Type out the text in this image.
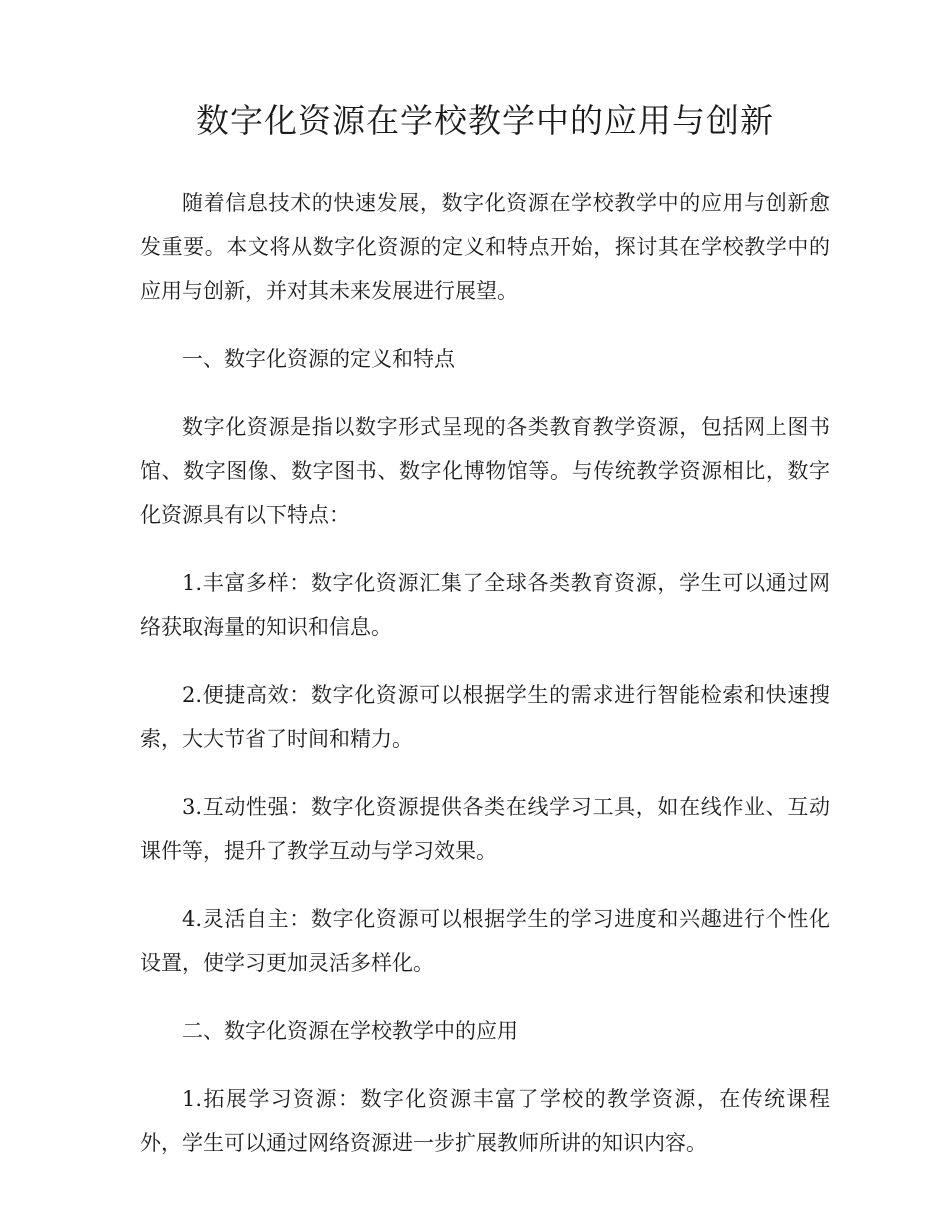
数字化资源在学校教学中的应用与创新

随着信息技术的快速发展，数字化资源在学校教学中的应用与创新愈发重要。本文将从数字化资源的定义和特点开始，探讨其在学校教学中的应用与创新，并对其未来发展进行展望。

一、数字化资源的定义和特点

数字化资源是指以数字形式呈现的各类教育教学资源，包括网上图书馆、数字图像、数字图书、数字化博物馆等。与传统教学资源相比，数字化资源具有以下特点：

1.丰富多样：数字化资源汇集了全球各类教育资源，学生可以通过网络获取海量的知识和信息。

2.便捷高效：数字化资源可以根据学生的需求进行智能检索和快速搜索，大大节省了时间和精力。

3.互动性强：数字化资源提供各类在线学习工具，如在线作业、互动课件等，提升了教学互动与学习效果。

4.灵活自主：数字化资源可以根据学生的学习进度和兴趣进行个性化设置，使学习更加灵活多样化。

二、数字化资源在学校教学中的应用

1.拓展学习资源：数字化资源丰富了学校的教学资源，在传统课程外，学生可以通过网络资源进一步扩展教师所讲的知识内容。
